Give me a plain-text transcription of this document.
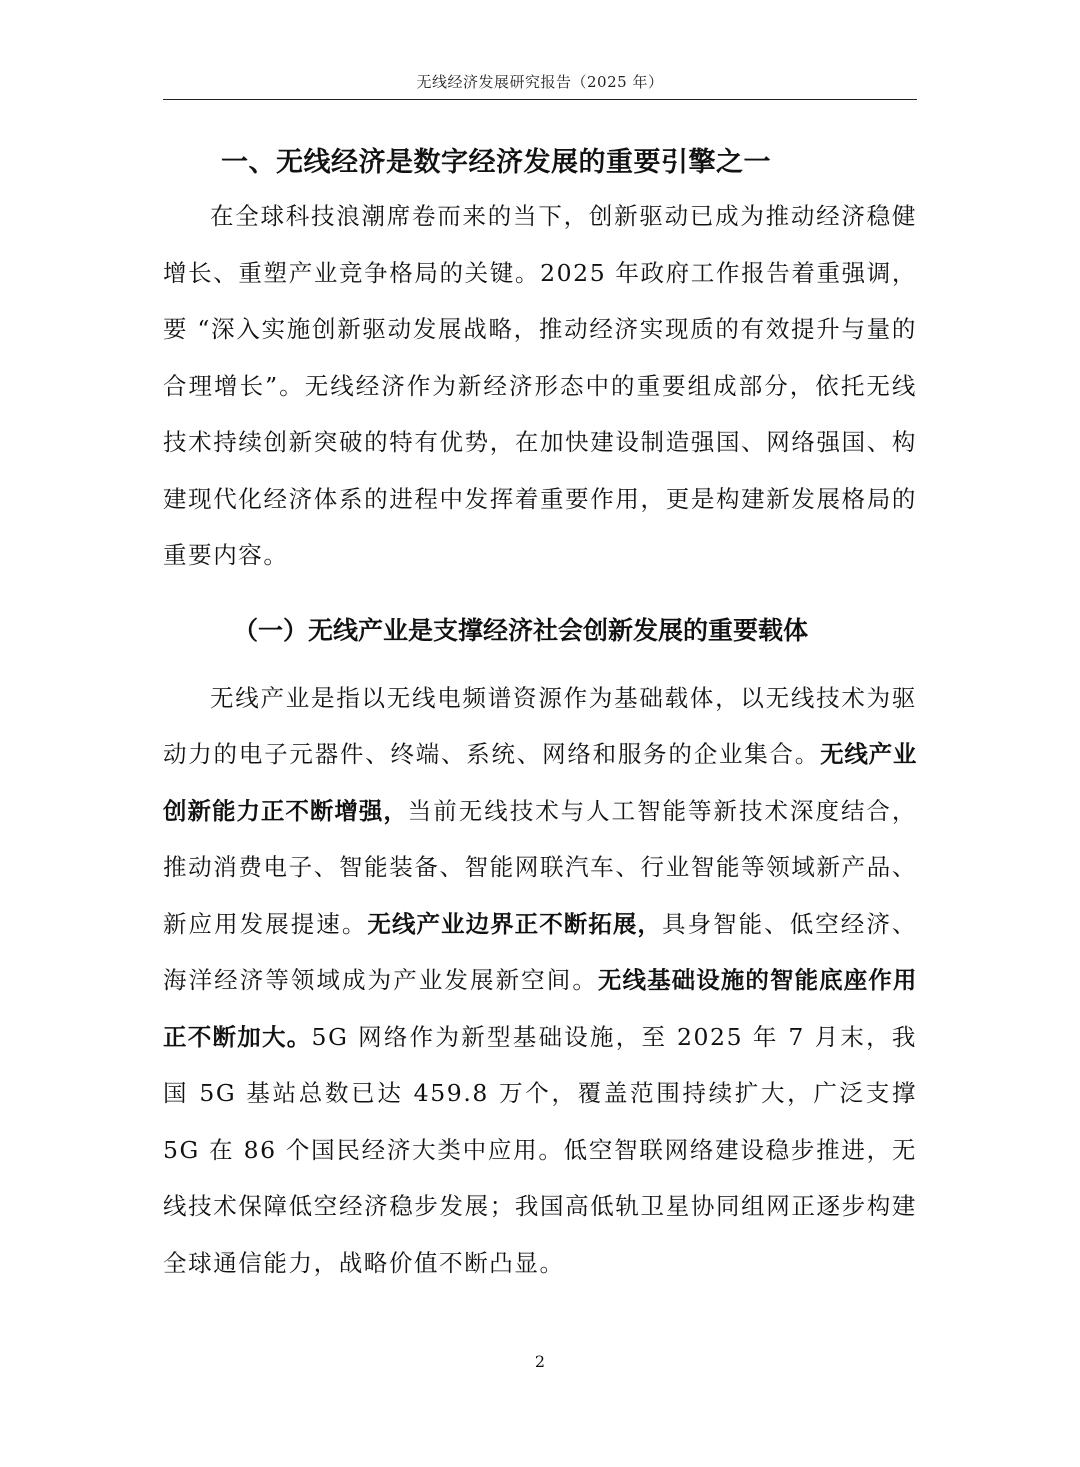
无线经济发展研究报告（2025 年）
一、无线经济是数字经济发展的重要引擎之一

在全球科技浪潮席卷而来的当下，创新驱动已成为推动经济稳健增长、重塑产业竞争格局的关键。2025 年政府工作报告着重强调，要 “深入实施创新驱动发展战略，推动经济实现质的有效提升与量的合理增长”。无线经济作为新经济形态中的重要组成部分，依托无线技术持续创新突破的特有优势，在加快建设制造强国、网络强国、构建现代化经济体系的进程中发挥着重要作用，更是构建新发展格局的重要内容。

（一）无线产业是支撑经济社会创新发展的重要载体

无线产业是指以无线电频谱资源作为基础载体，以无线技术为驱动力的电子元器件、终端、系统、网络和服务的企业集合。无线产业创新能力正不断增强，当前无线技术与人工智能等新技术深度结合，推动消费电子、智能装备、智能网联汽车、行业智能等领域新产品、新应用发展提速。无线产业边界正不断拓展，具身智能、低空经济、海洋经济等领域成为产业发展新空间。无线基础设施的智能底座作用正不断加大。5G 网络作为新型基础设施，至 2025 年 7 月末，我国 5G 基站总数已达 459.8 万个，覆盖范围持续扩大，广泛支撑 5G 在 86 个国民经济大类中应用。低空智联网络建设稳步推进，无线技术保障低空经济稳步发展；我国高低轨卫星协同组网正逐步构建全球通信能力，战略价值不断凸显。

2
